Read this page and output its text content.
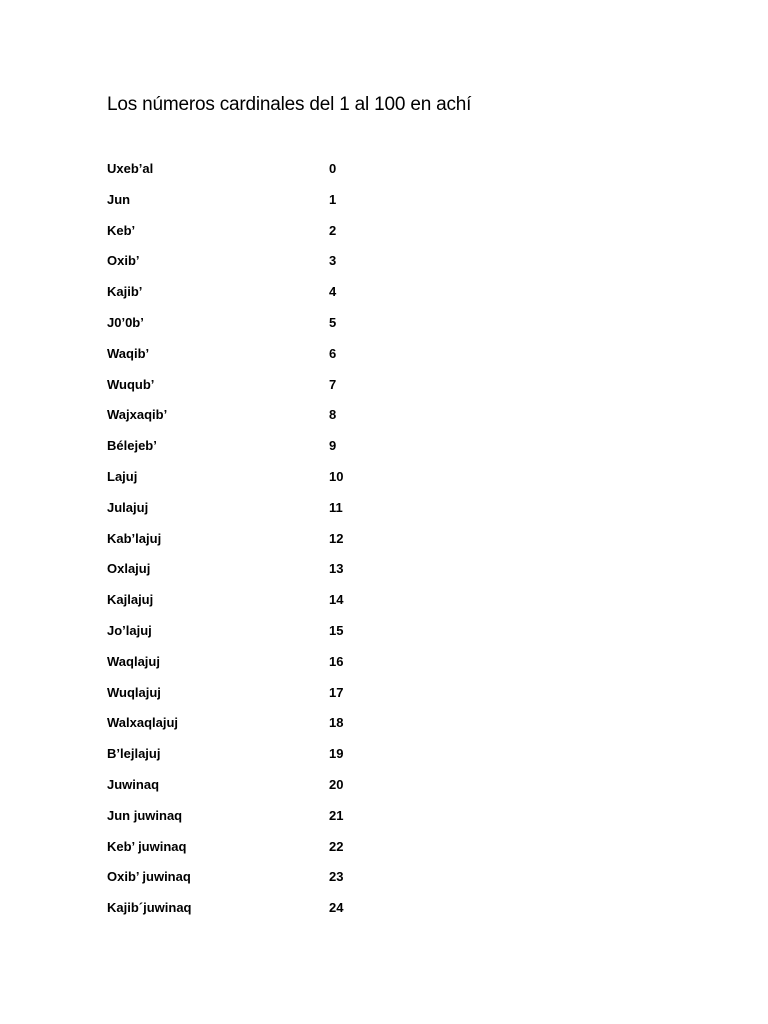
Los números cardinales del 1 al 100 en achí
Uxeb’al	0
Jun	1
Keb’	2
Oxib’	3
Kajib’	4
J0’0b’	5
Waqib’	6
Wuqub’	7
Wajxaqib’	8
Bélejeb’	9
Lajuj	10
Julajuj	11
Kab’lajuj	12
Oxlajuj	13
Kajlajuj	14
Jo’lajuj	15
Waqlajuj	16
Wuqlajuj	17
Walxaqlajuj	18
B’lejlajuj	19
Juwinaq	20
Jun juwinaq	21
Keb’ juwinaq	22
Oxib’ juwinaq	23
Kajib´juwinaq	24
